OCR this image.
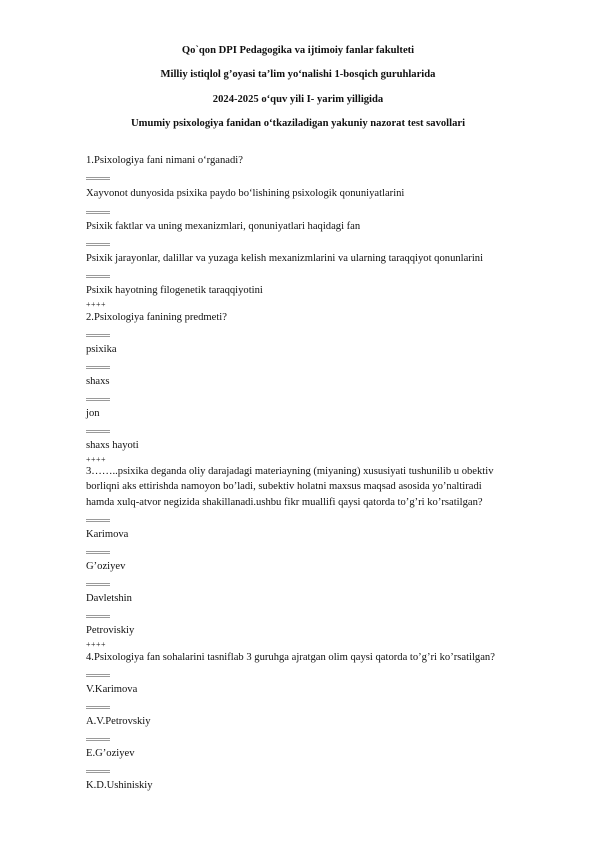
Qo`qon DPI Pedagogika va ijtimoiy fanlar fakulteti
Milliy istiqlol g’oyasi ta’lim yo‘nalishi 1-bosqich guruhlarida
2024-2025 o‘quv yili I- yarim yilligida
Umumiy psixologiya fanidan o‘tkaziladigan yakuniy nazorat test savollari
1.Psixologiya fani nimani o‘rganadi?
Xayvonot dunyosida psixika paydo bo‘lishining psixologik qonuniyatlarini
Psixik faktlar va uning mexanizmlari, qonuniyatlari haqidagi fan
Psixik jarayonlar, dalillar va yuzaga kelish mexanizmlarini va ularning taraqqiyot qonunlarini
Psixik hayotning filogenetik taraqqiyotini
++++
2.Psixologiya fanining predmeti?
psixika
shaxs
jon
shaxs hayoti
++++
3……..psixika deganda oliy darajadagi materiayning (miyaning) xususiyati tushunilib u obektiv
borliqni aks ettirishda namoyon bo’ladi, subektiv holatni maxsus maqsad asosida yo’naltiradi
hamda xulq-atvor negizida shakillanadi.ushbu fikr muallifi qaysi qatorda to’g’ri ko’rsatilgan?
Karimova
G’oziyev
Davletshin
Petroviskiy
++++
4.Psixologiya fan sohalarini tasniflab 3 guruhga ajratgan olim qaysi qatorda to’g’ri ko’rsatilgan?
V.Karimova
A.V.Petrovskiy
E.G’oziyev
K.D.Ushiniskiy
